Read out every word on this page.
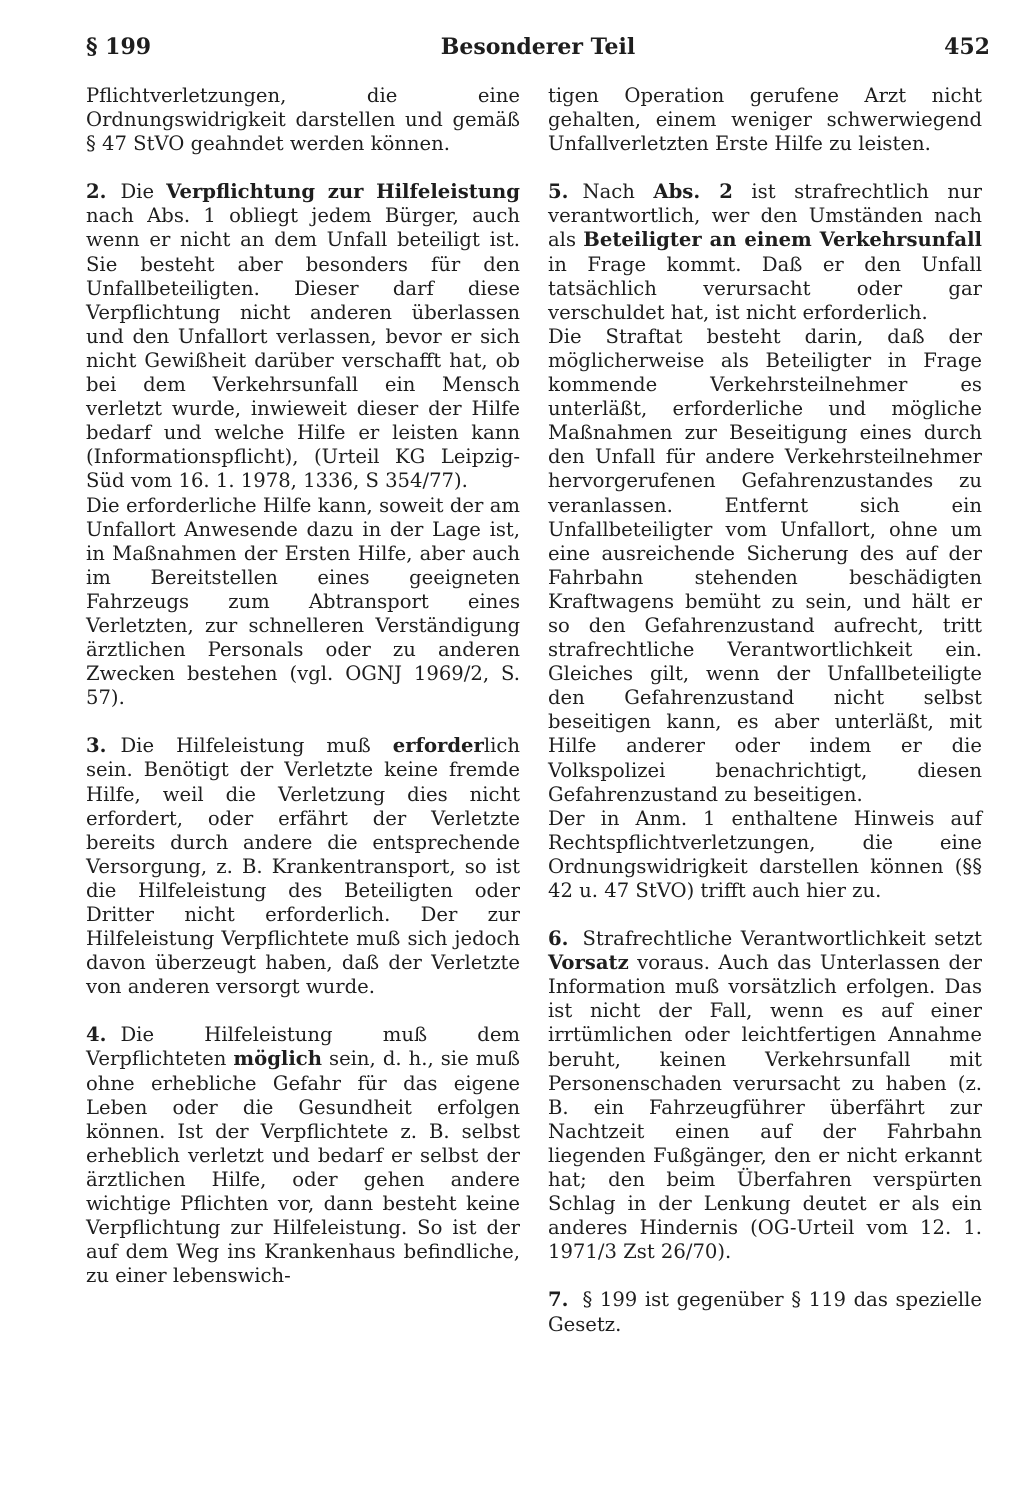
§ 199	Besonderer Teil	452

Pflichtverletzungen, die eine Ordnungswidrigkeit darstellen und gemäß § 47 StVO geahndet werden können.

2. Die Verpflichtung zur Hilfeleistung nach Abs. 1 obliegt jedem Bürger, auch wenn er nicht an dem Unfall beteiligt ist. Sie besteht aber besonders für den Unfallbeteiligten. Dieser darf diese Verpflichtung nicht anderen überlassen und den Unfallort verlassen, bevor er sich nicht Gewißheit darüber verschafft hat, ob bei dem Verkehrsunfall ein Mensch verletzt wurde, inwieweit dieser der Hilfe bedarf und welche Hilfe er leisten kann (Informationspflicht), (Urteil KG Leipzig-Süd vom 16. 1. 1978, 1336, S 354/77).

Die erforderliche Hilfe kann, soweit der am Unfallort Anwesende dazu in der Lage ist, in Maßnahmen der Ersten Hilfe, aber auch im Bereitstellen eines geeigneten Fahrzeugs zum Abtransport eines Verletzten, zur schnelleren Verständigung ärztlichen Personals oder zu anderen Zwecken bestehen (vgl. OGNJ 1969/2, S. 57).

3. Die Hilfeleistung muß erforderlich sein. Benötigt der Verletzte keine fremde Hilfe, weil die Verletzung dies nicht erfordert, oder erfährt der Verletzte bereits durch andere die entsprechende Versorgung, z. B. Krankentransport, so ist die Hilfeleistung des Beteiligten oder Dritter nicht erforderlich. Der zur Hilfeleistung Verpflichtete muß sich jedoch davon überzeugt haben, daß der Verletzte von anderen versorgt wurde.

4. Die Hilfeleistung muß dem Verpflichteten möglich sein, d. h., sie muß ohne erhebliche Gefahr für das eigene Leben oder die Gesundheit erfolgen können. Ist der Verpflichtete z. B. selbst erheblich verletzt und bedarf er selbst der ärztlichen Hilfe, oder gehen andere wichtige Pflichten vor, dann besteht keine Verpflichtung zur Hilfeleistung. So ist der auf dem Weg ins Krankenhaus befindliche, zu einer lebenswich-

tigen Operation gerufene Arzt nicht gehalten, einem weniger schwerwiegend Unfallverletzten Erste Hilfe zu leisten.

5. Nach Abs. 2 ist strafrechtlich nur verantwortlich, wer den Umständen nach als Beteiligter an einem Verkehrsunfall in Frage kommt. Daß er den Unfall tatsächlich verursacht oder gar verschuldet hat, ist nicht erforderlich.

Die Straftat besteht darin, daß der möglicherweise als Beteiligter in Frage kommende Verkehrsteilnehmer es unterläßt, erforderliche und mögliche Maßnahmen zur Beseitigung eines durch den Unfall für andere Verkehrsteilnehmer hervorgerufenen Gefahrenzustandes zu veranlassen. Entfernt sich ein Unfallbeteiligter vom Unfallort, ohne um eine ausreichende Sicherung des auf der Fahrbahn stehenden beschädigten Kraftwagens bemüht zu sein, und hält er so den Gefahrenzustand aufrecht, tritt strafrechtliche Verantwortlichkeit ein. Gleiches gilt, wenn der Unfallbeteiligte den Gefahrenzustand nicht selbst beseitigen kann, es aber unterläßt, mit Hilfe anderer oder indem er die Volkspolizei benachrichtigt, diesen Gefahrenzustand zu beseitigen.

Der in Anm. 1 enthaltene Hinweis auf Rechtspflichtverletzungen, die eine Ordnungswidrigkeit darstellen können (§§ 42 u. 47 StVO) trifft auch hier zu.

6. Strafrechtliche Verantwortlichkeit setzt Vorsatz voraus. Auch das Unterlassen der Information muß vorsätzlich erfolgen. Das ist nicht der Fall, wenn es auf einer irrtümlichen oder leichtfertigen Annahme beruht, keinen Verkehrsunfall mit Personenschaden verursacht zu haben (z. B. ein Fahrzeugführer überfährt zur Nachtzeit einen auf der Fahrbahn liegenden Fußgänger, den er nicht erkannt hat; den beim Überfahren verspürten Schlag in der Lenkung deutet er als ein anderes Hindernis (OG-Urteil vom 12. 1. 1971/3 Zst 26/70).

7. § 199 ist gegenüber § 119 das spezielle Gesetz.
